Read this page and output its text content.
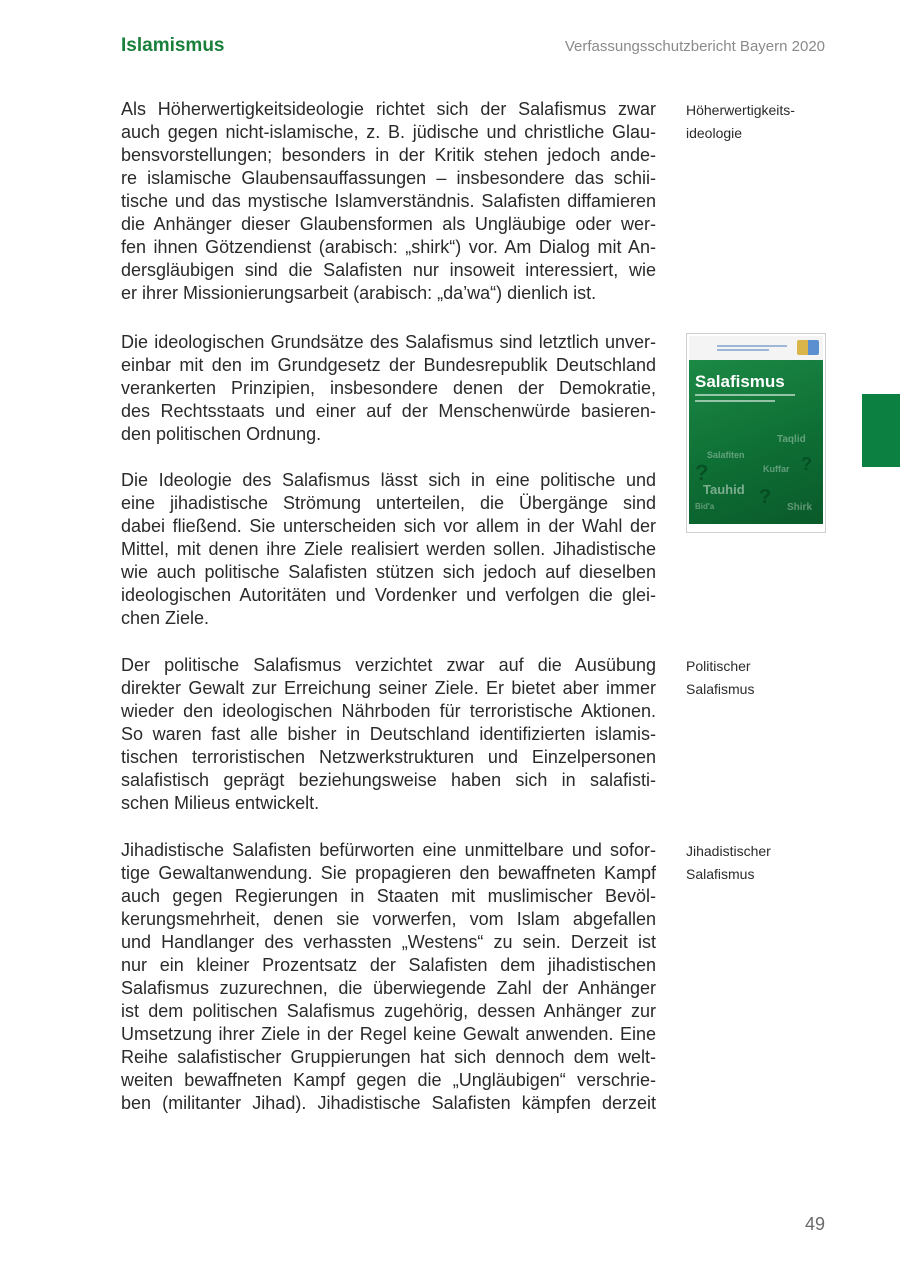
Islamismus	Verfassungsschutzbericht Bayern 2020
Als Höherwertigkeitsideologie richtet sich der Salafismus zwar
auch gegen nicht-islamische, z. B. jüdische und christliche Glau-
bensvorstellungen; besonders in der Kritik stehen jedoch ande-
re islamische Glaubensauffassungen – insbesondere das schii-
tische und das mystische Islamverständnis. Salafisten diffamieren
die Anhänger dieser Glaubensformen als Ungläubige oder wer-
fen ihnen Götzendienst (arabisch: „shirk“) vor. Am Dialog mit An-
dersgläubigen sind die Salafisten nur insoweit interessiert, wie
er ihrer Missionierungsarbeit (arabisch: „da’wa“) dienlich ist.
Die ideologischen Grundsätze des Salafismus sind letztlich unver-
einbar mit den im Grundgesetz der Bundesrepublik Deutschland
verankerten Prinzipien, insbesondere denen der Demokratie,
des Rechtsstaats und einer auf der Menschenwürde basieren-
den politischen Ordnung.
Die Ideologie des Salafismus lässt sich in eine politische und
eine jihadistische Strömung unterteilen, die Übergänge sind
dabei fließend. Sie unterscheiden sich vor allem in der Wahl der
Mittel, mit denen ihre Ziele realisiert werden sollen. Jihadistische
wie auch politische Salafisten stützen sich jedoch auf dieselben
ideologischen Autoritäten und Vordenker und verfolgen die glei-
chen Ziele.
Der politische Salafismus verzichtet zwar auf die Ausübung
direkter Gewalt zur Erreichung seiner Ziele. Er bietet aber immer
wieder den ideologischen Nährboden für terroristische Aktionen.
So waren fast alle bisher in Deutschland identifizierten islamis-
tischen terroristischen Netzwerkstrukturen und Einzelpersonen
salafistisch geprägt beziehungsweise haben sich in salafisti-
schen Milieus entwickelt.
Jihadistische Salafisten befürworten eine unmittelbare und sofor-
tige Gewaltanwendung. Sie propagieren den bewaffneten Kampf
auch gegen Regierungen in Staaten mit muslimischer Bevöl-
kerungsmehrheit, denen sie vorwerfen, vom Islam abgefallen
und Handlanger des verhassten „Westens“ zu sein. Derzeit ist
nur ein kleiner Prozentsatz der Salafisten dem jihadistischen
Salafismus zuzurechnen, die überwiegende Zahl der Anhänger
ist dem politischen Salafismus zugehörig, dessen Anhänger zur
Umsetzung ihrer Ziele in der Regel keine Gewalt anwenden. Eine
Reihe salafistischer Gruppierungen hat sich dennoch dem welt-
weiten bewaffneten Kampf gegen die „Ungläubigen“ verschrie-
ben (militanter Jihad). Jihadistische Salafisten kämpfen derzeit
Höherwertigkeits-
ideologie
Salafismus
Taqlid
Salafiten
Kuffar
Tauhid
Bid'a	Shirk
?
?
?
Politischer
Salafismus
Jihadistischer
Salafismus
49
